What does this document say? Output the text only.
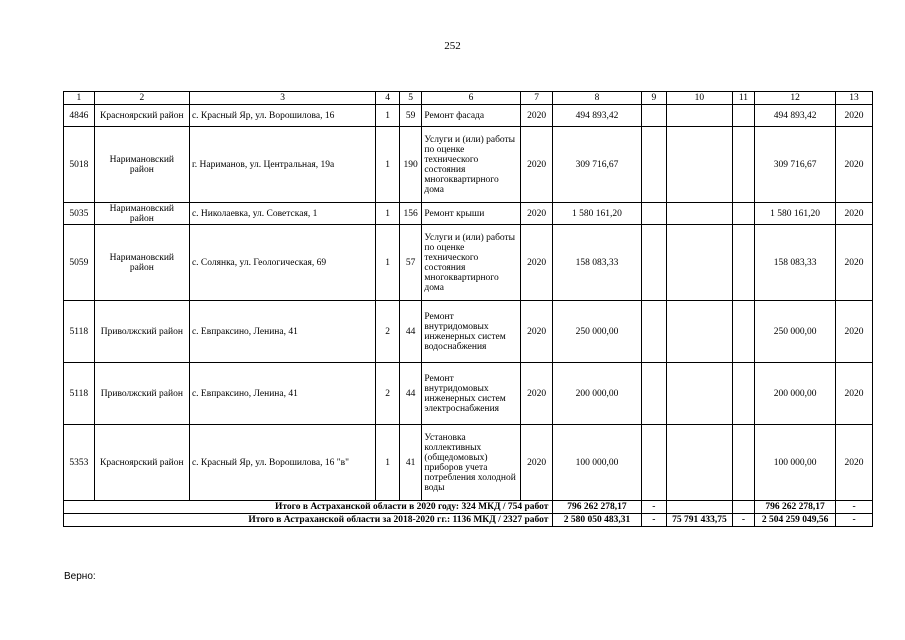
252
1	2	3	4	5	6	7	8	9	10	11	12	13
4846	Красноярский район	с. Красный Яр, ул. Ворошилова, 16	1	59	Ремонт фасада	2020	494 893,42				494 893,42	2020
5018	Наримановский район	г. Нариманов, ул. Центральная, 19а	1	190	Услуги и (или) работы по оценке технического состояния многоквартирного дома	2020	309 716,67				309 716,67	2020
5035	Наримановский район	с. Николаевка, ул. Советская, 1	1	156	Ремонт крыши	2020	1 580 161,20				1 580 161,20	2020
5059	Наримановский район	с. Солянка, ул. Геологическая, 69	1	57	Услуги и (или) работы по оценке технического состояния многоквартирного дома	2020	158 083,33				158 083,33	2020
5118	Приволжский район	с. Евпраксино, Ленина, 41	2	44	Ремонт внутридомовых инженерных систем водоснабжения	2020	250 000,00				250 000,00	2020
5118	Приволжский район	с. Евпраксино, Ленина, 41	2	44	Ремонт внутридомовых инженерных систем электроснабжения	2020	200 000,00				200 000,00	2020
5353	Красноярский район	с. Красный Яр, ул. Ворошилова, 16 "в"	1	41	Установка коллективных (общедомовых) приборов учета потребления холодной воды	2020	100 000,00				100 000,00	2020
Итого в Астраханской области в 2020 году: 324 МКД / 754 работ							796 262 278,17	-			796 262 278,17	-
Итого в Астраханской области за 2018-2020 гг.: 1136 МКД / 2327 работ							2 580 050 483,31	-	75 791 433,75	-	2 504 259 049,56	-
Верно:
